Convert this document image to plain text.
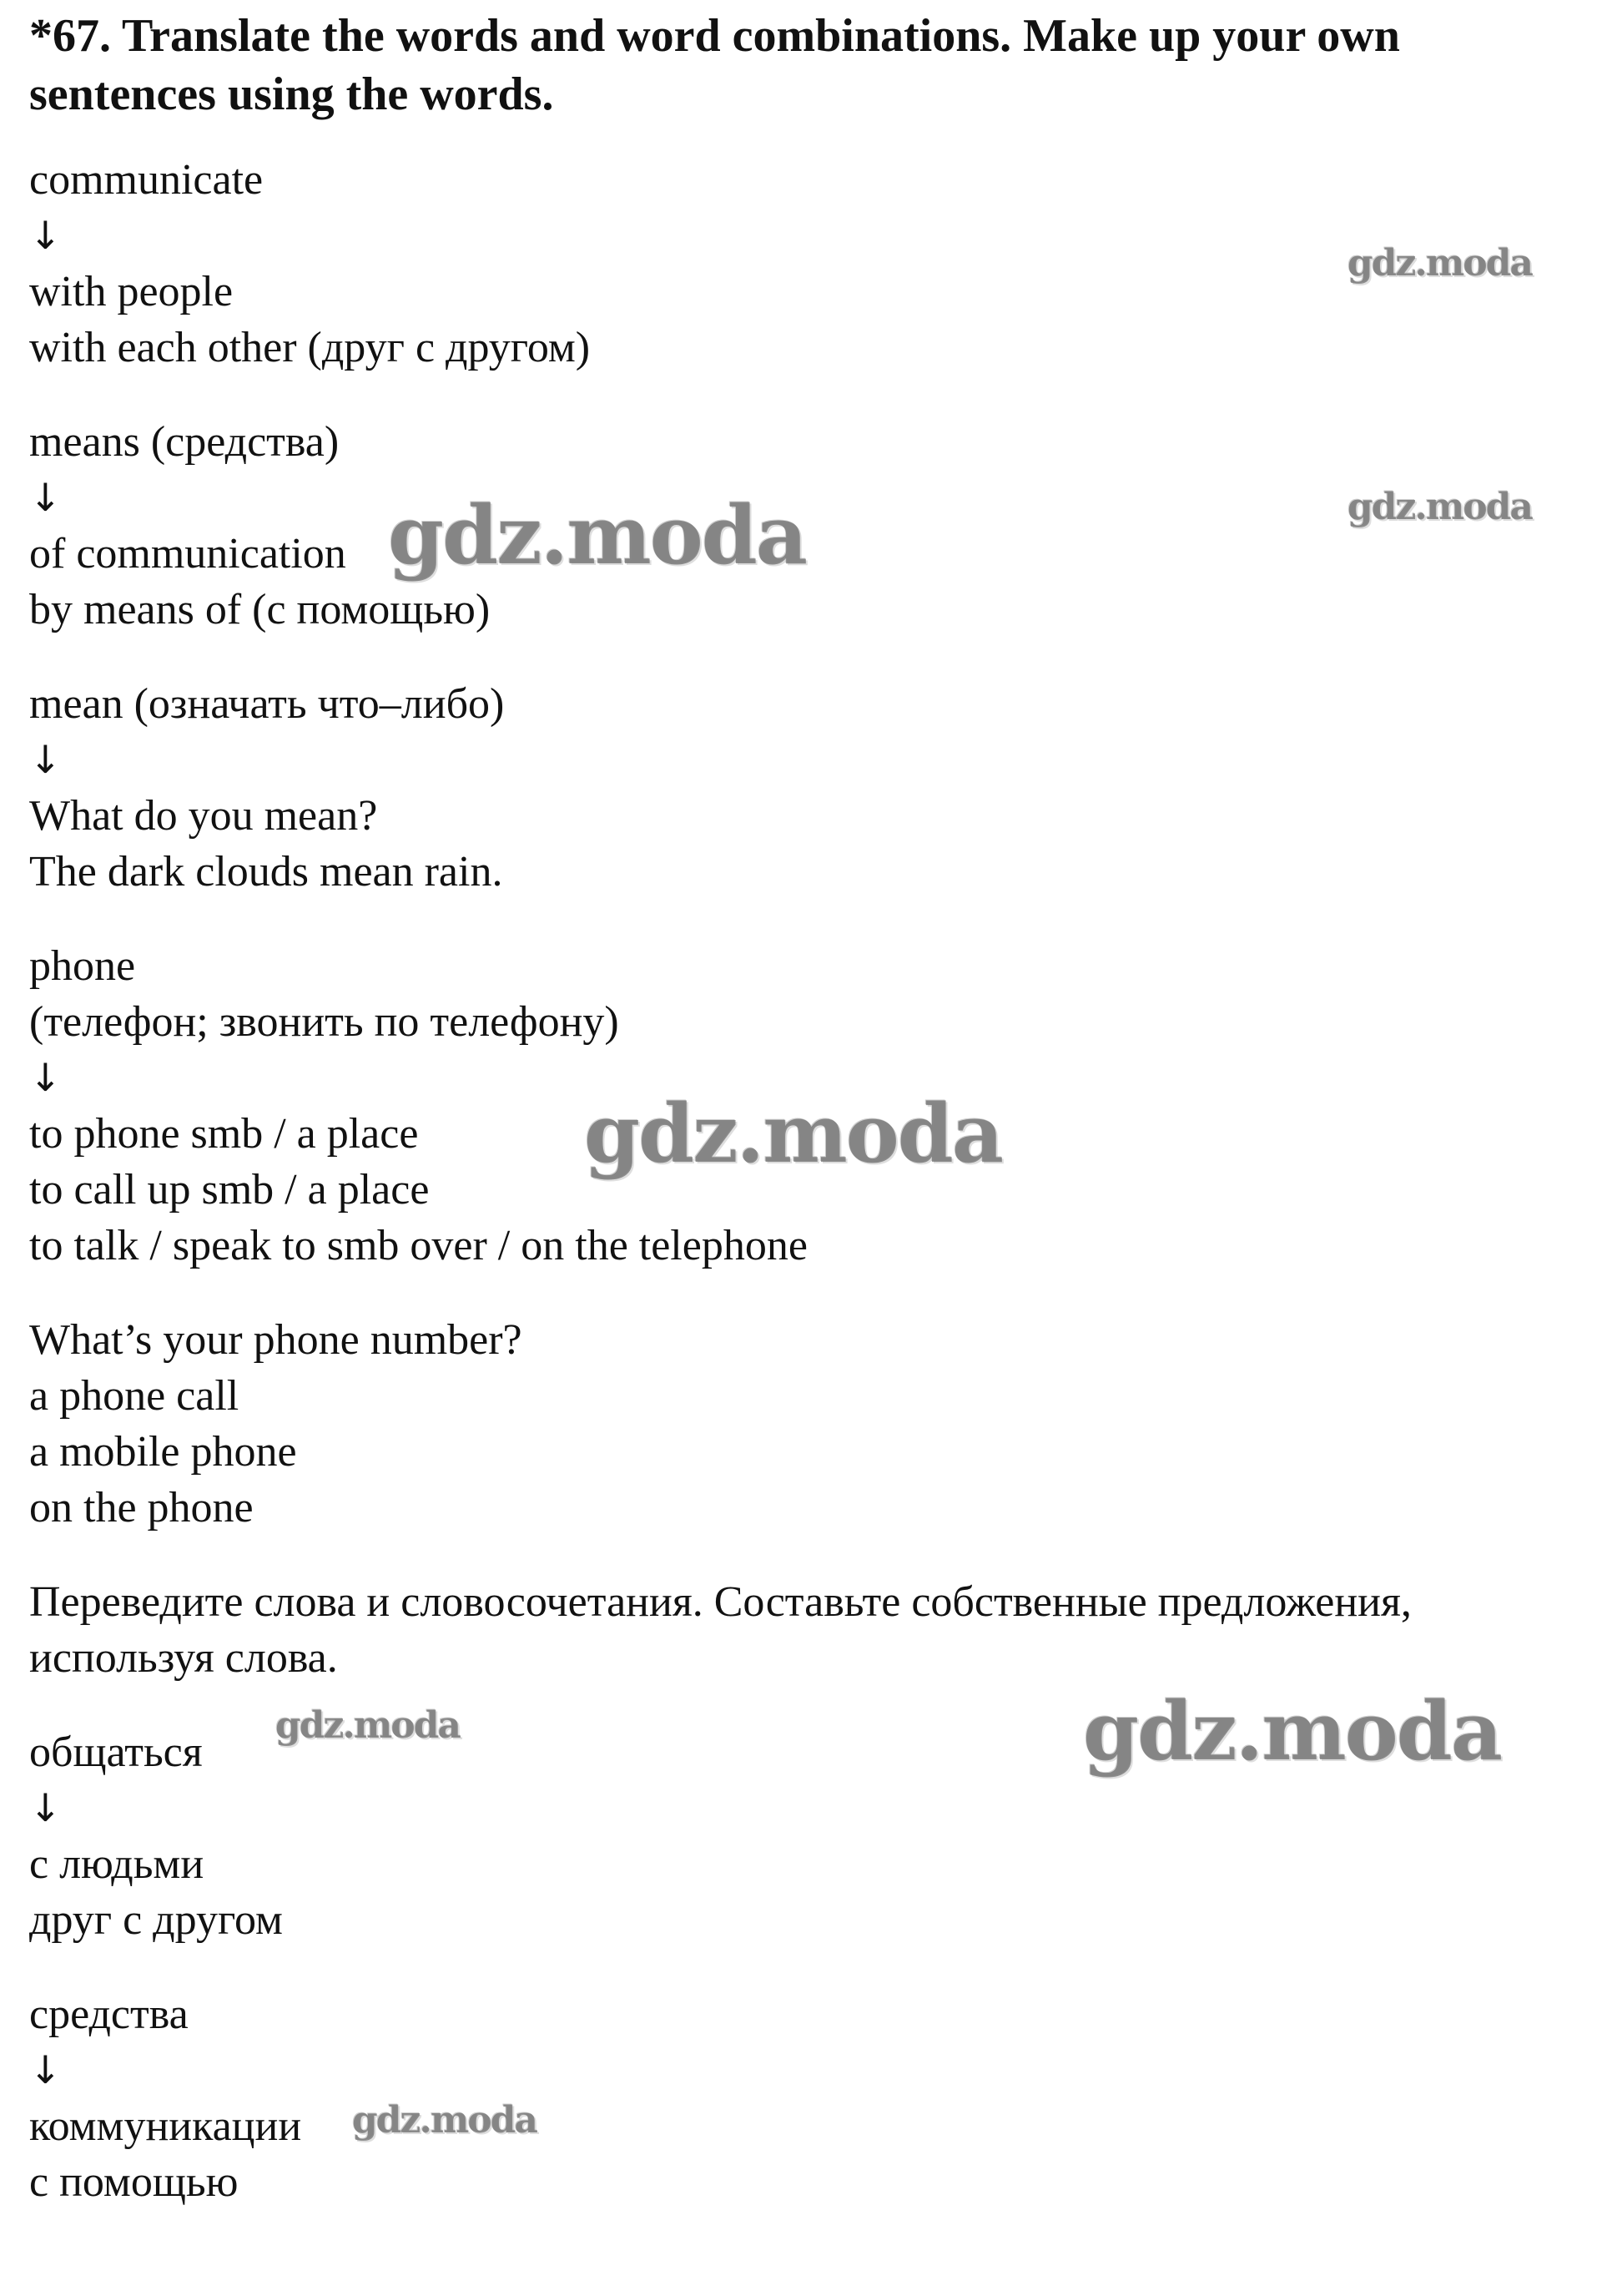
*67. Translate the words and word combinations. Make up your own sentences using the words.

communicate
↓
with people
with each other (друг с другом)
means (средства)
↓
of communication
by means of (с помощью)
mean (означать что–либо)
↓
What do you mean?
The dark clouds mean rain.
phone
(телефон; звонить по телефону)
↓
to phone smb / a place
to call up smb / a place
to talk / speak to smb over / on the telephone
What’s your phone number?
a phone call
a mobile phone
on the phone
Переведите слова и словосочетания. Составьте собственные предложения, используя слова.
общаться
↓
с людьми
друг с другом
средства
↓
коммуникации
с помощью
gdz.moda
gdz.moda
gdz.moda
gdz.moda
gdz.moda	gdz.moda
gdz.moda
